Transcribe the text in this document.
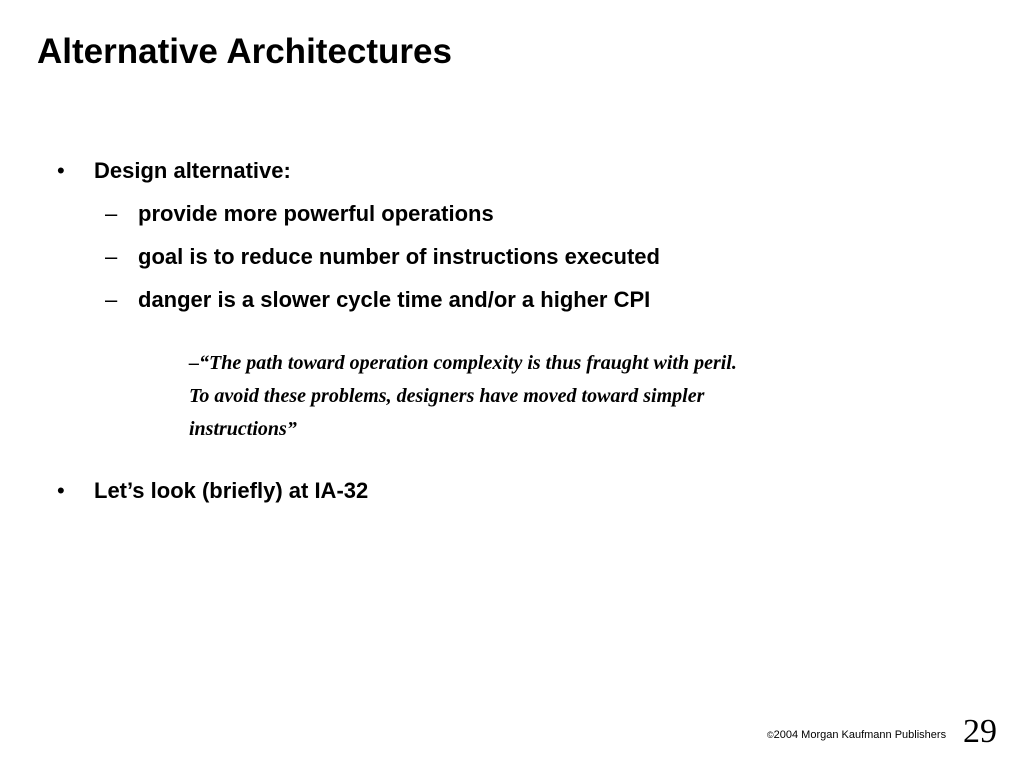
Alternative Architectures
• Design alternative:
– provide more powerful operations
– goal is to reduce number of instructions executed
– danger is a slower cycle time and/or a higher CPI
–“The path toward operation complexity is thus fraught with peril.
To avoid these problems, designers have moved toward simpler
instructions”
• Let’s look (briefly) at IA-32
©2004 Morgan Kaufmann Publishers 29
